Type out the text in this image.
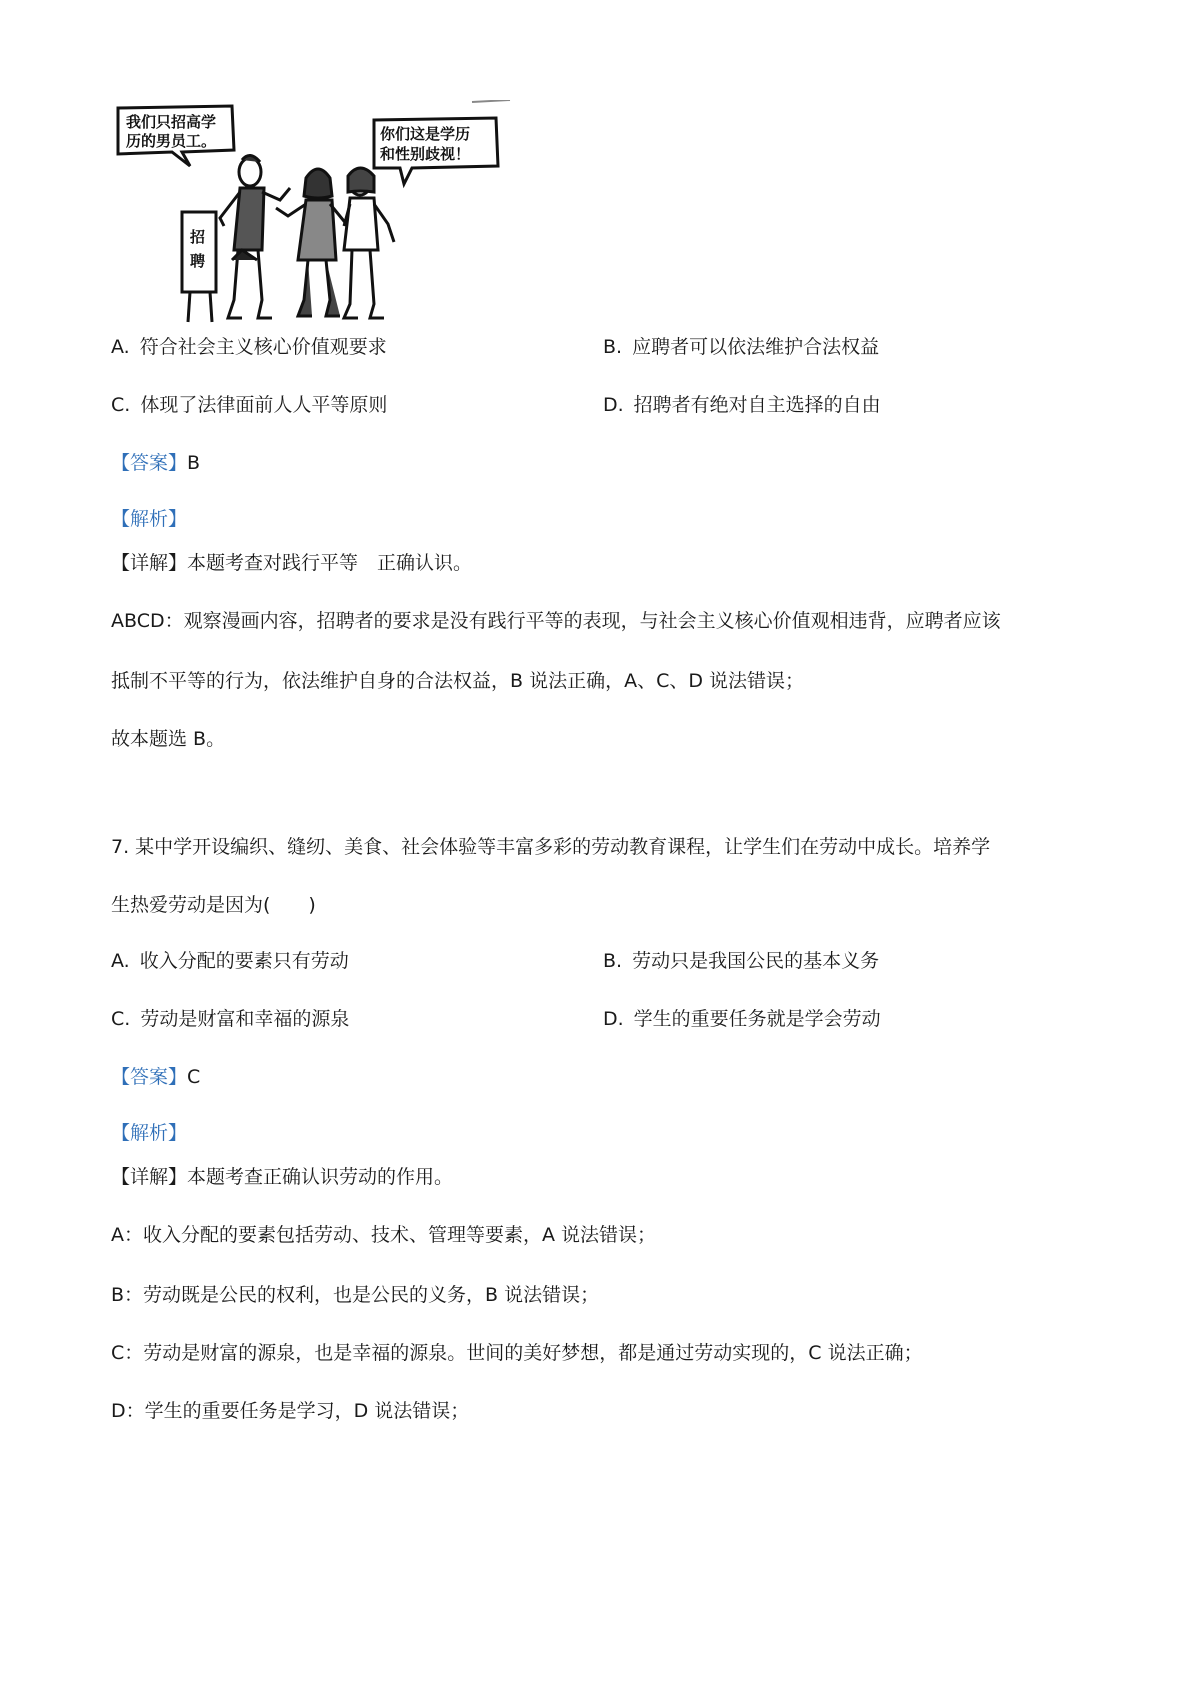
我们只招高学
历的男员工。	你们这是学历
和性别歧视！
招
聘
A. 符合社会主义核心价值观要求	B. 应聘者可以依法维护合法权益
C. 体现了法律面前人人平等原则	D. 招聘者有绝对自主选择的自由
【答案】B
【解析】
【详解】本题考查对践行平等　正确认识。
ABCD：观察漫画内容，招聘者的要求是没有践行平等的表现，与社会主义核心价值观相违背，应聘者应该
抵制不平等的行为，依法维护自身的合法权益，B 说法正确，A、C、D 说法错误；
故本题选 B。
7. 某中学开设编织、缝纫、美食、社会体验等丰富多彩的劳动教育课程，让学生们在劳动中成长。培养学
生热爱劳动是因为(　　)
A. 收入分配的要素只有劳动	B. 劳动只是我国公民的基本义务
C. 劳动是财富和幸福的源泉	D. 学生的重要任务就是学会劳动
【答案】C
【解析】
【详解】本题考查正确认识劳动的作用。
A：收入分配的要素包括劳动、技术、管理等要素，A 说法错误；
B：劳动既是公民的权利，也是公民的义务，B 说法错误；
C：劳动是财富的源泉，也是幸福的源泉。世间的美好梦想，都是通过劳动实现的，C 说法正确；
D：学生的重要任务是学习，D 说法错误；
